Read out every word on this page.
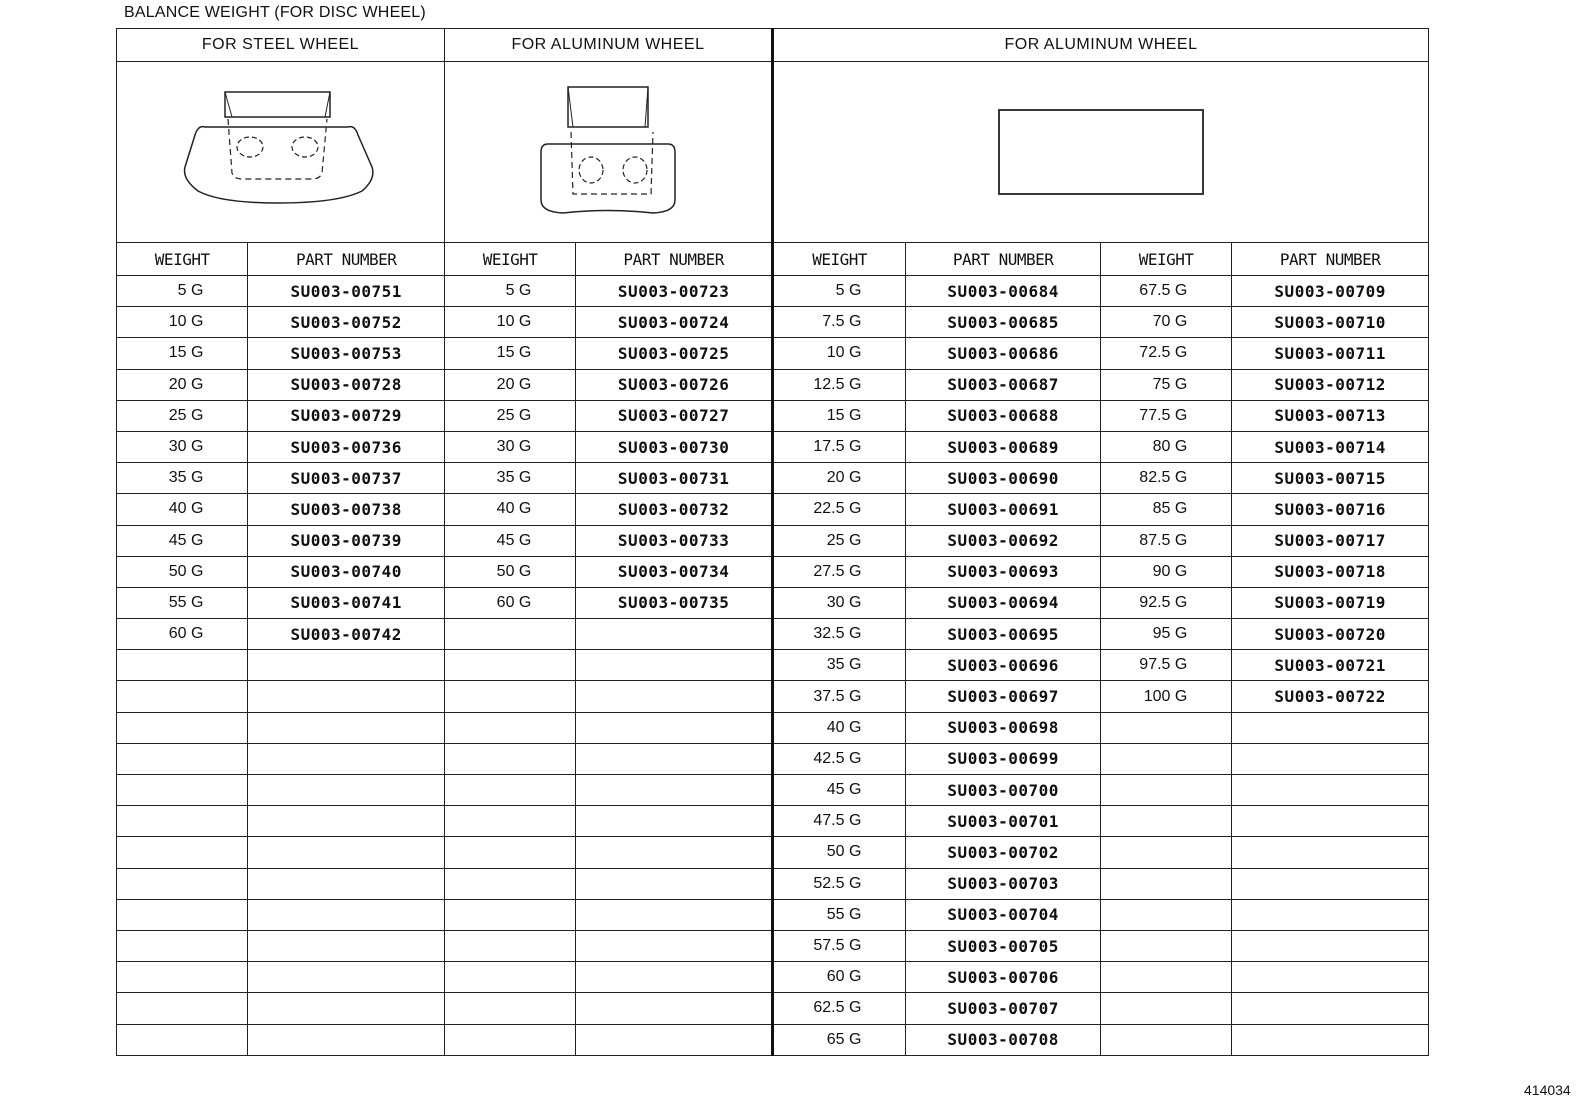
BALANCE WEIGHT (FOR DISC WHEEL)
FOR STEEL WHEEL		FOR ALUMINUM WHEEL		FOR ALUMINUM WHEEL			

WEIGHT	PART NUMBER	WEIGHT	PART NUMBER	WEIGHT	PART NUMBER	WEIGHT	PART NUMBER
5 G	SU003-00751	5 G	SU003-00723	5 G	SU003-00684	67.5 G	SU003-00709
10 G	SU003-00752	10 G	SU003-00724	7.5 G	SU003-00685	70 G	SU003-00710
15 G	SU003-00753	15 G	SU003-00725	10 G	SU003-00686	72.5 G	SU003-00711
20 G	SU003-00728	20 G	SU003-00726	12.5 G	SU003-00687	75 G	SU003-00712
25 G	SU003-00729	25 G	SU003-00727	15 G	SU003-00688	77.5 G	SU003-00713
30 G	SU003-00736	30 G	SU003-00730	17.5 G	SU003-00689	80 G	SU003-00714
35 G	SU003-00737	35 G	SU003-00731	20 G	SU003-00690	82.5 G	SU003-00715
40 G	SU003-00738	40 G	SU003-00732	22.5 G	SU003-00691	85 G	SU003-00716
45 G	SU003-00739	45 G	SU003-00733	25 G	SU003-00692	87.5 G	SU003-00717
50 G	SU003-00740	50 G	SU003-00734	27.5 G	SU003-00693	90 G	SU003-00718
55 G	SU003-00741	60 G	SU003-00735	30 G	SU003-00694	92.5 G	SU003-00719
60 G	SU003-00742			32.5 G	SU003-00695	95 G	SU003-00720
				35 G	SU003-00696	97.5 G	SU003-00721
				37.5 G	SU003-00697	100 G	SU003-00722
				40 G	SU003-00698		
				42.5 G	SU003-00699		
				45 G	SU003-00700		
				47.5 G	SU003-00701		
				50 G	SU003-00702		
				52.5 G	SU003-00703		
				55 G	SU003-00704		
				57.5 G	SU003-00705		
				60 G	SU003-00706		
				62.5 G	SU003-00707		
				65 G	SU003-00708		
414034
